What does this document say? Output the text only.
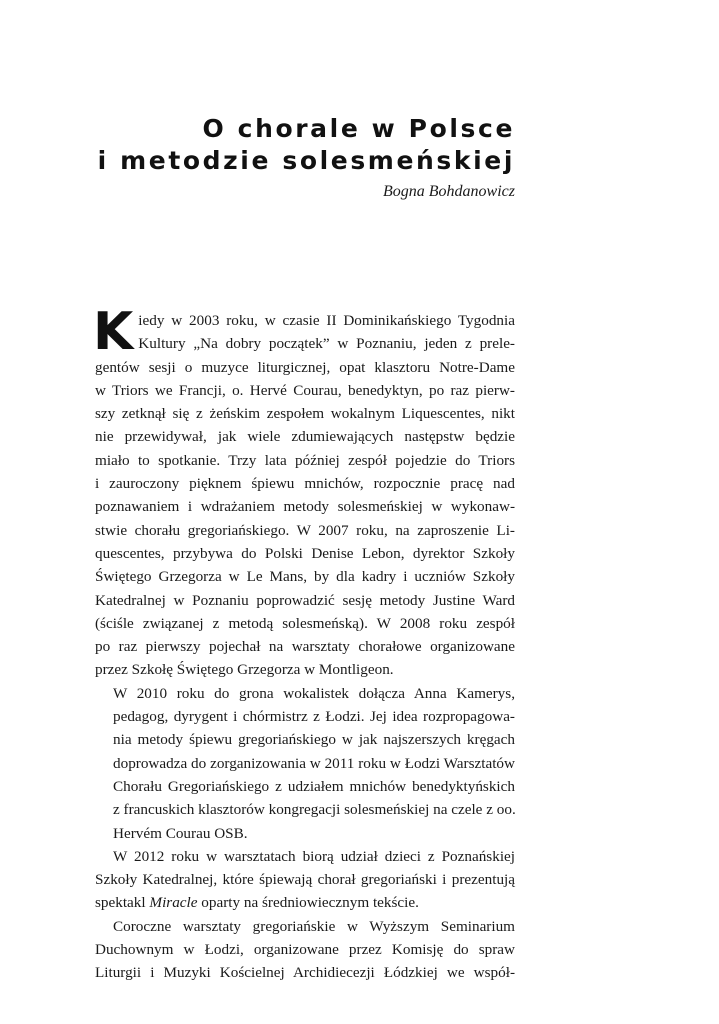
O chorale w Polsce
i metodzie solesmeńskiej
Bogna Bohdanowicz

K iedy w 2003 roku, w czasie II Dominikańskiego Tygodnia
Kultury „Na dobry początek” w Poznaniu, jeden z prele-
gentów sesji o muzyce liturgicznej, opat klasztoru Notre-Dame
w Triors we Francji, o. Hervé Courau, benedyktyn, po raz pierw-
szy zetknął się z żeńskim zespołem wokalnym Liquescentes, nikt
nie przewidywał, jak wiele zdumiewających następstw będzie
miało to spotkanie. Trzy lata później zespół pojedzie do Triors
i zauroczony pięknem śpiewu mnichów, rozpocznie pracę nad
poznawaniem i wdrażaniem metody solesmeńskiej w wykonaw-
stwie chorału gregoriańskiego. W 2007 roku, na zaproszenie Li-
quescentes, przybywa do Polski Denise Lebon, dyrektor Szkoły
Świętego Grzegorza w Le Mans, by dla kadry i uczniów Szkoły
Katedralnej w Poznaniu poprowadzić sesję metody Justine Ward
(ściśle związanej z metodą solesmeńską). W 2008 roku zespół
po raz pierwszy pojechał na warsztaty chorałowe organizowane
przez Szkołę Świętego Grzegorza w Montligeon.

W 2010 roku do grona wokalistek dołącza Anna Kamerys,
pedagog, dyrygent i chórmistrz z Łodzi. Jej idea rozpropagowa-
nia metody śpiewu gregoriańskiego w jak najszerszych kręgach
doprowadza do zorganizowania w 2011 roku w Łodzi Warsztatów
Chorału Gregoriańskiego z udziałem mnichów benedyktyńskich
z francuskich klasztorów kongregacji solesmeńskiej na czele z oo.
Hervém Courau OSB.

W 2012 roku w warsztatach biorą udział dzieci z Poznańskiej
Szkoły Katedralnej, które śpiewają chorał gregoriański i prezentują
spektakl Miracle oparty na średniowiecznym tekście.

Coroczne warsztaty gregoriańskie w Wyższym Seminarium
Duchownym w Łodzi, organizowane przez Komisję do spraw
Liturgii i Muzyki Kościelnej Archidiecezji Łódzkiej we współ-
